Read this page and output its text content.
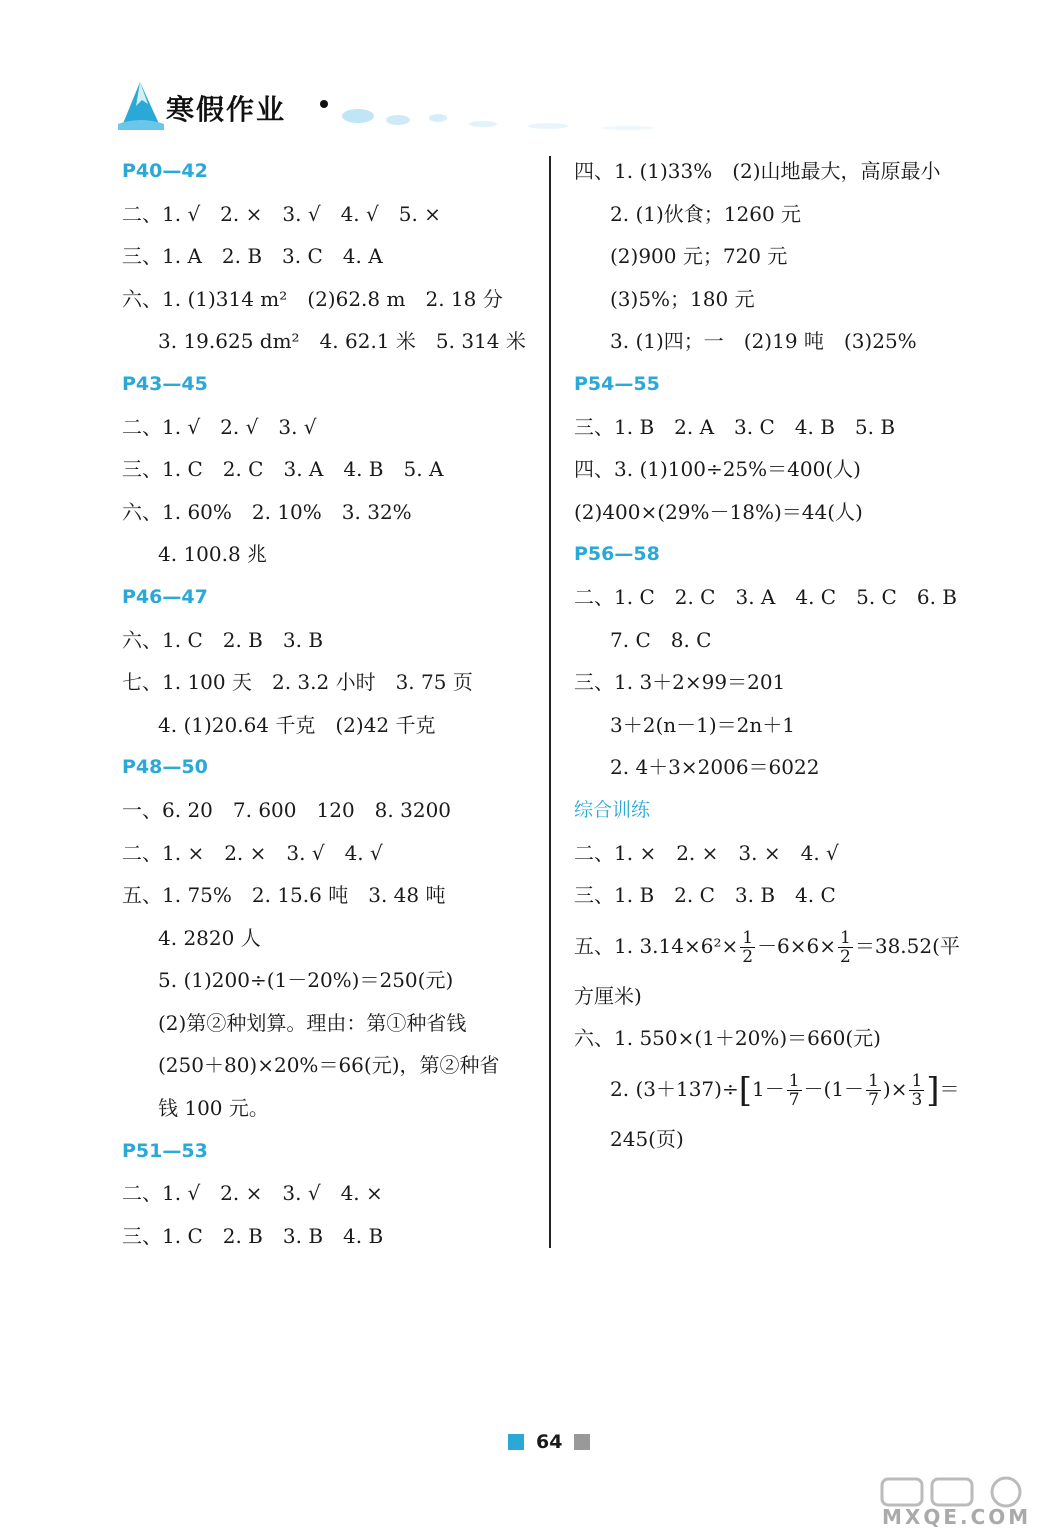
寒假作业
P40—42
二、1. √　2. ×　3. √　4. √　5. ×
三、1. A　2. B　3. C　4. A
六、1. (1)314 m²　(2)62.8 m　2. 18 分
3. 19.625 dm²　4. 62.1 米　5. 314 米
P43—45
二、1. √　2. √　3. √
三、1. C　2. C　3. A　4. B　5. A
六、1. 60%　2. 10%　3. 32%
4. 100.8 兆
P46—47
六、1. C　2. B　3. B
七、1. 100 天　2. 3.2 小时　3. 75 页
4. (1)20.64 千克　(2)42 千克
P48—50
一、6. 20　7. 600　120　8. 3200
二、1. ×　2. ×　3. √　4. √
五、1. 75%　2. 15.6 吨　3. 48 吨
4. 2820 人
5. (1)200÷(1－20%)＝250(元)
(2)第②种划算。理由：第①种省钱
(250＋80)×20%＝66(元)，第②种省
钱 100 元。
P51—53
二、1. √　2. ×　3. √　4. ×
三、1. C　2. B　3. B　4. B
四、1. (1)33%　(2)山地最大，高原最小
2. (1)伙食；1260 元
(2)900 元；720 元
(3)5%；180 元
3. (1)四；一　(2)19 吨　(3)25%
P54—55
三、1. B　2. A　3. C　4. B　5. B
四、3. (1)100÷25%＝400(人)
(2)400×(29%－18%)＝44(人)
P56—58
二、1. C　2. C　3. A　4. C　5. C　6. B
7. C　8. C
三、1. 3＋2×99＝201
3＋2(n－1)＝2n＋1
2. 4＋3×2006＝6022
综合训练
二、1. ×　2. ×　3. ×　4. √
三、1. B　2. C　3. B　4. C
五、1. $3.14\times 6^2\times \frac{1}{2} -6\times 6\times \frac{1}{2} =38.52$(平
方厘米)
六、1. 550×(1＋20%)＝660(元)
2. $(3+137)\div[1- \frac{1}{7} -(1- \frac{1}{7}$ )× $\frac{1}{3}$ ]＝
245(页)
64
MXQE.COM
